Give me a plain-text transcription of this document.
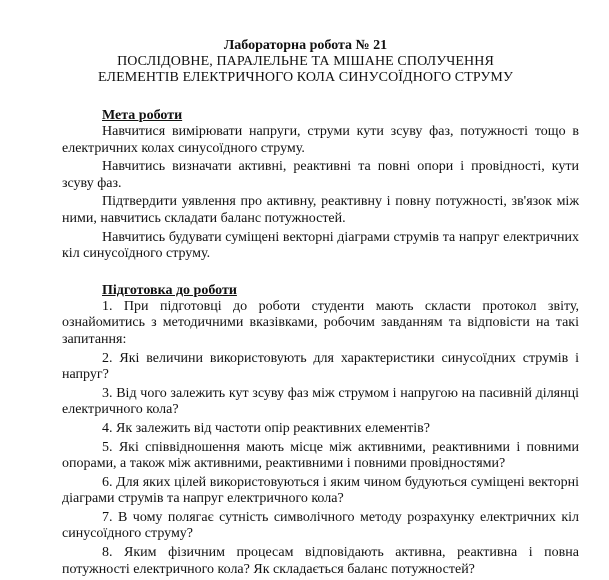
Лабораторна робота № 21
ПОСЛІДОВНЕ, ПАРАЛЕЛЬНЕ ТА МІШАНЕ СПОЛУЧЕННЯ
ЕЛЕМЕНТІВ ЕЛЕКТРИЧНОГО КОЛА СИНУСОЇДНОГО СТРУМУ
Мета роботи

Навчитися вимірювати напруги, струми кути зсуву фаз, потужності тощо в електричних колах синусоїдного струму.

Навчитись визначати активні, реактивні та повні опори і провідності, кути зсуву фаз.

Підтвердити уявлення про активну, реактивну і повну потужності, зв'язок між ними, навчитись складати баланс потужностей.

Навчитись будувати суміщені векторні діаграми струмів та напруг електричних кіл синусоїдного струму.

Підготовка до роботи

1. При підготовці до роботи студенти мають скласти протокол звіту, ознайомитись з методичними вказівками, робочим завданням та відповісти на такі запитання:

2. Які величини використовують для характеристики синусоїдних струмів і напруг?

3. Від чого залежить кут зсуву фаз між струмом і напругою на пасивній ділянці електричного кола?

4. Як залежить від частоти опір реактивних елементів?

5. Які співвідношення мають місце між активними, реактивними і повними опорами, а також між активними, реактивними і повними провідностями?

6. Для яких цілей використовуються і яким чином будуються суміщені векторні діаграми струмів та напруг електричного кола?

7. В чому полягає сутність символічного методу розрахунку електричних кіл синусоїдного струму?

8. Яким фізичним процесам відповідають активна, реактивна і повна потужності електричного кола? Як складається баланс потужностей?
